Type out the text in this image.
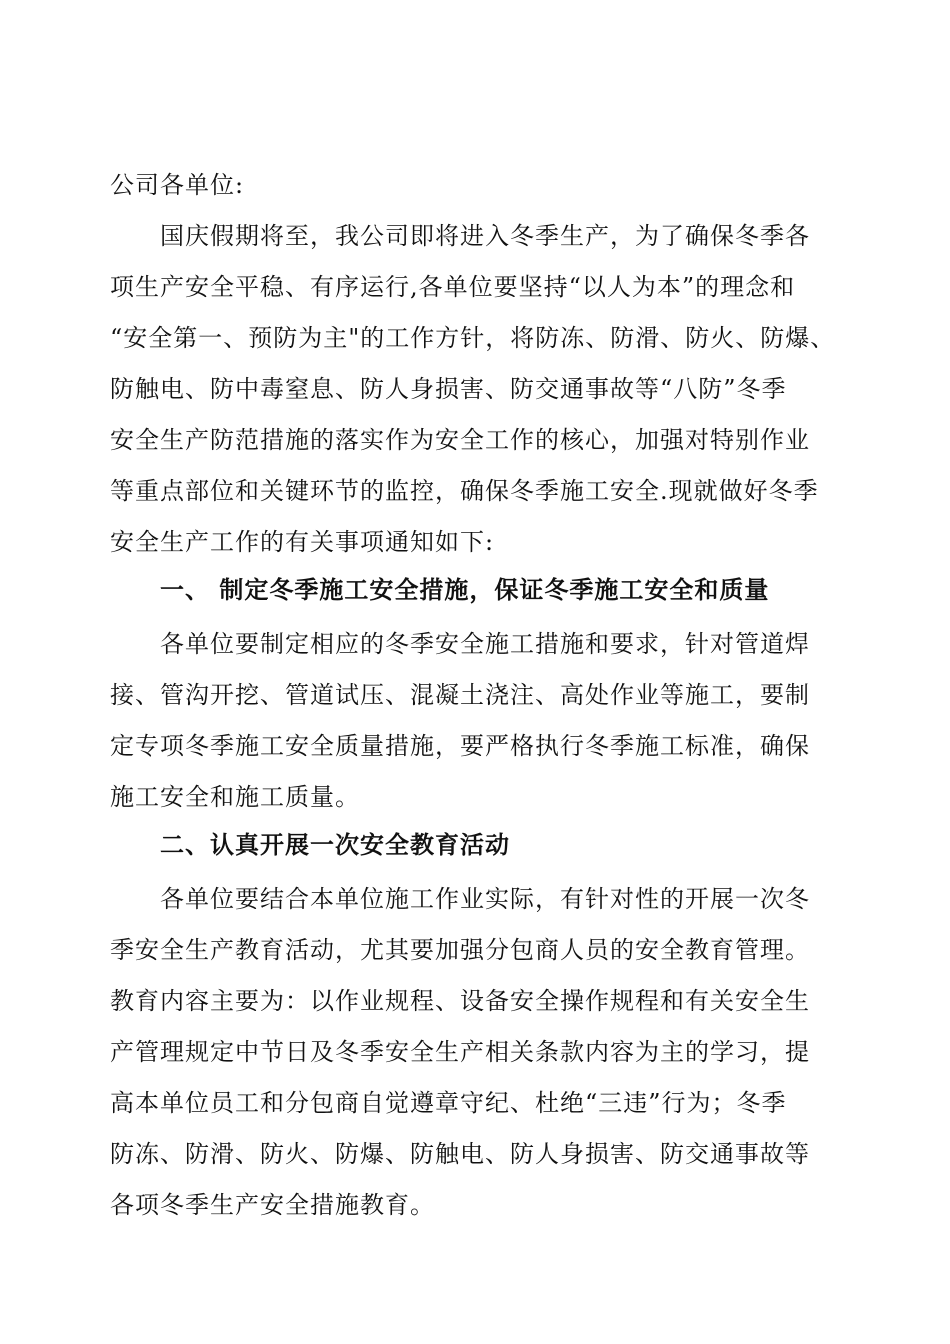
公司各单位:
国庆假期将至，我公司即将进入冬季生产，为了确保冬季各
项生产安全平稳、有序运行,各单位要坚持“以人为本”的理念和
“安全第一、预防为主"的工作方针，将防冻、防滑、防火、防爆、
防触电、防中毒窒息、防人身损害、防交通事故等“八防”冬季
安全生产防范措施的落实作为安全工作的核心，加强对特别作业
等重点部位和关键环节的监控，确保冬季施工安全.现就做好冬季
安全生产工作的有关事项通知如下:
一、 制定冬季施工安全措施，保证冬季施工安全和质量
各单位要制定相应的冬季安全施工措施和要求，针对管道焊
接、管沟开挖、管道试压、混凝土浇注、高处作业等施工，要制
定专项冬季施工安全质量措施，要严格执行冬季施工标准，确保
施工安全和施工质量。
二、认真开展一次安全教育活动
各单位要结合本单位施工作业实际，有针对性的开展一次冬
季安全生产教育活动，尤其要加强分包商人员的安全教育管理。
教育内容主要为：以作业规程、设备安全操作规程和有关安全生
产管理规定中节日及冬季安全生产相关条款内容为主的学习，提
高本单位员工和分包商自觉遵章守纪、杜绝“三违”行为；冬季
防冻、防滑、防火、防爆、防触电、防人身损害、防交通事故等
各项冬季生产安全措施教育。
